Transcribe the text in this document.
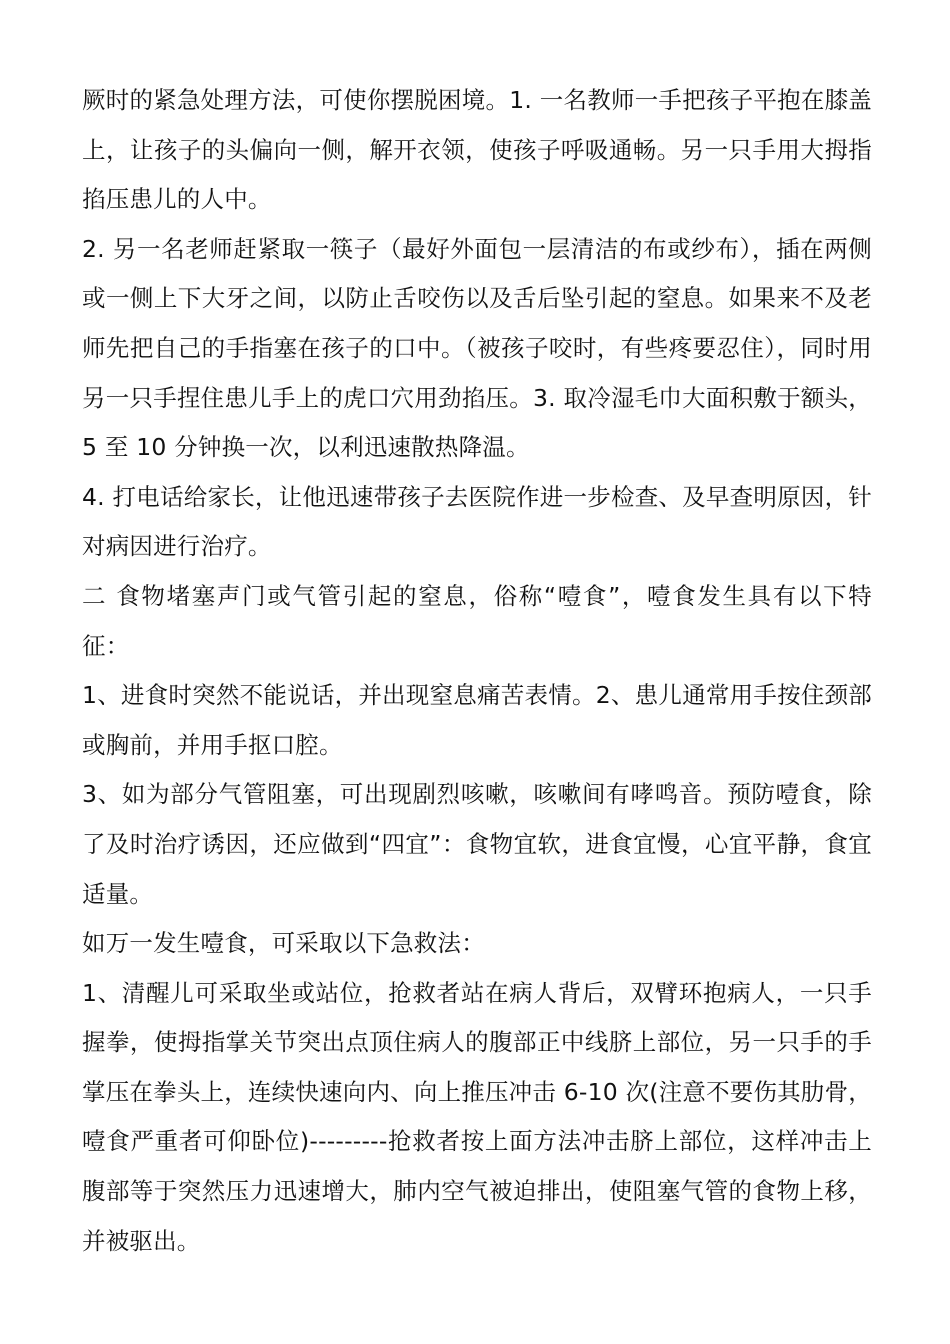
厥时的紧急处理方法，可使你摆脱困境。1. 一名教师一手把孩子平抱在膝盖上，让孩子的头偏向一侧，解开衣领，使孩子呼吸通畅。另一只手用大拇指掐压患儿的人中。

2. 另一名老师赶紧取一筷子（最好外面包一层清洁的布或纱布），插在两侧或一侧上下大牙之间，以防止舌咬伤以及舌后坠引起的窒息。如果来不及老师先把自己的手指塞在孩子的口中。（被孩子咬时，有些疼要忍住），同时用另一只手捏住患儿手上的虎口穴用劲掐压。3. 取冷湿毛巾大面积敷于额头，5 至 10 分钟换一次，以利迅速散热降温。

4. 打电话给家长，让他迅速带孩子去医院作进一步检查、及早查明原因，针对病因进行治疗。

二 食物堵塞声门或气管引起的窒息，俗称“噎食”，噎食发生具有以下特征：

1、进食时突然不能说话，并出现窒息痛苦表情。2、患儿通常用手按住颈部或胸前，并用手抠口腔。

3、如为部分气管阻塞，可出现剧烈咳嗽，咳嗽间有哮鸣音。预防噎食，除了及时治疗诱因，还应做到“四宜”：食物宜软，进食宜慢，心宜平静，食宜适量。

如万一发生噎食，可采取以下急救法：

1、清醒儿可采取坐或站位，抢救者站在病人背后，双臂环抱病人，一只手握拳，使拇指掌关节突出点顶住病人的腹部正中线脐上部位，另一只手的手掌压在拳头上，连续快速向内、向上推压冲击 6-10 次(注意不要伤其肋骨，噎食严重者可仰卧位)---------抢救者按上面方法冲击脐上部位，这样冲击上腹部等于突然压力迅速增大，肺内空气被迫排出，使阻塞气管的食物上移，并被驱出。
